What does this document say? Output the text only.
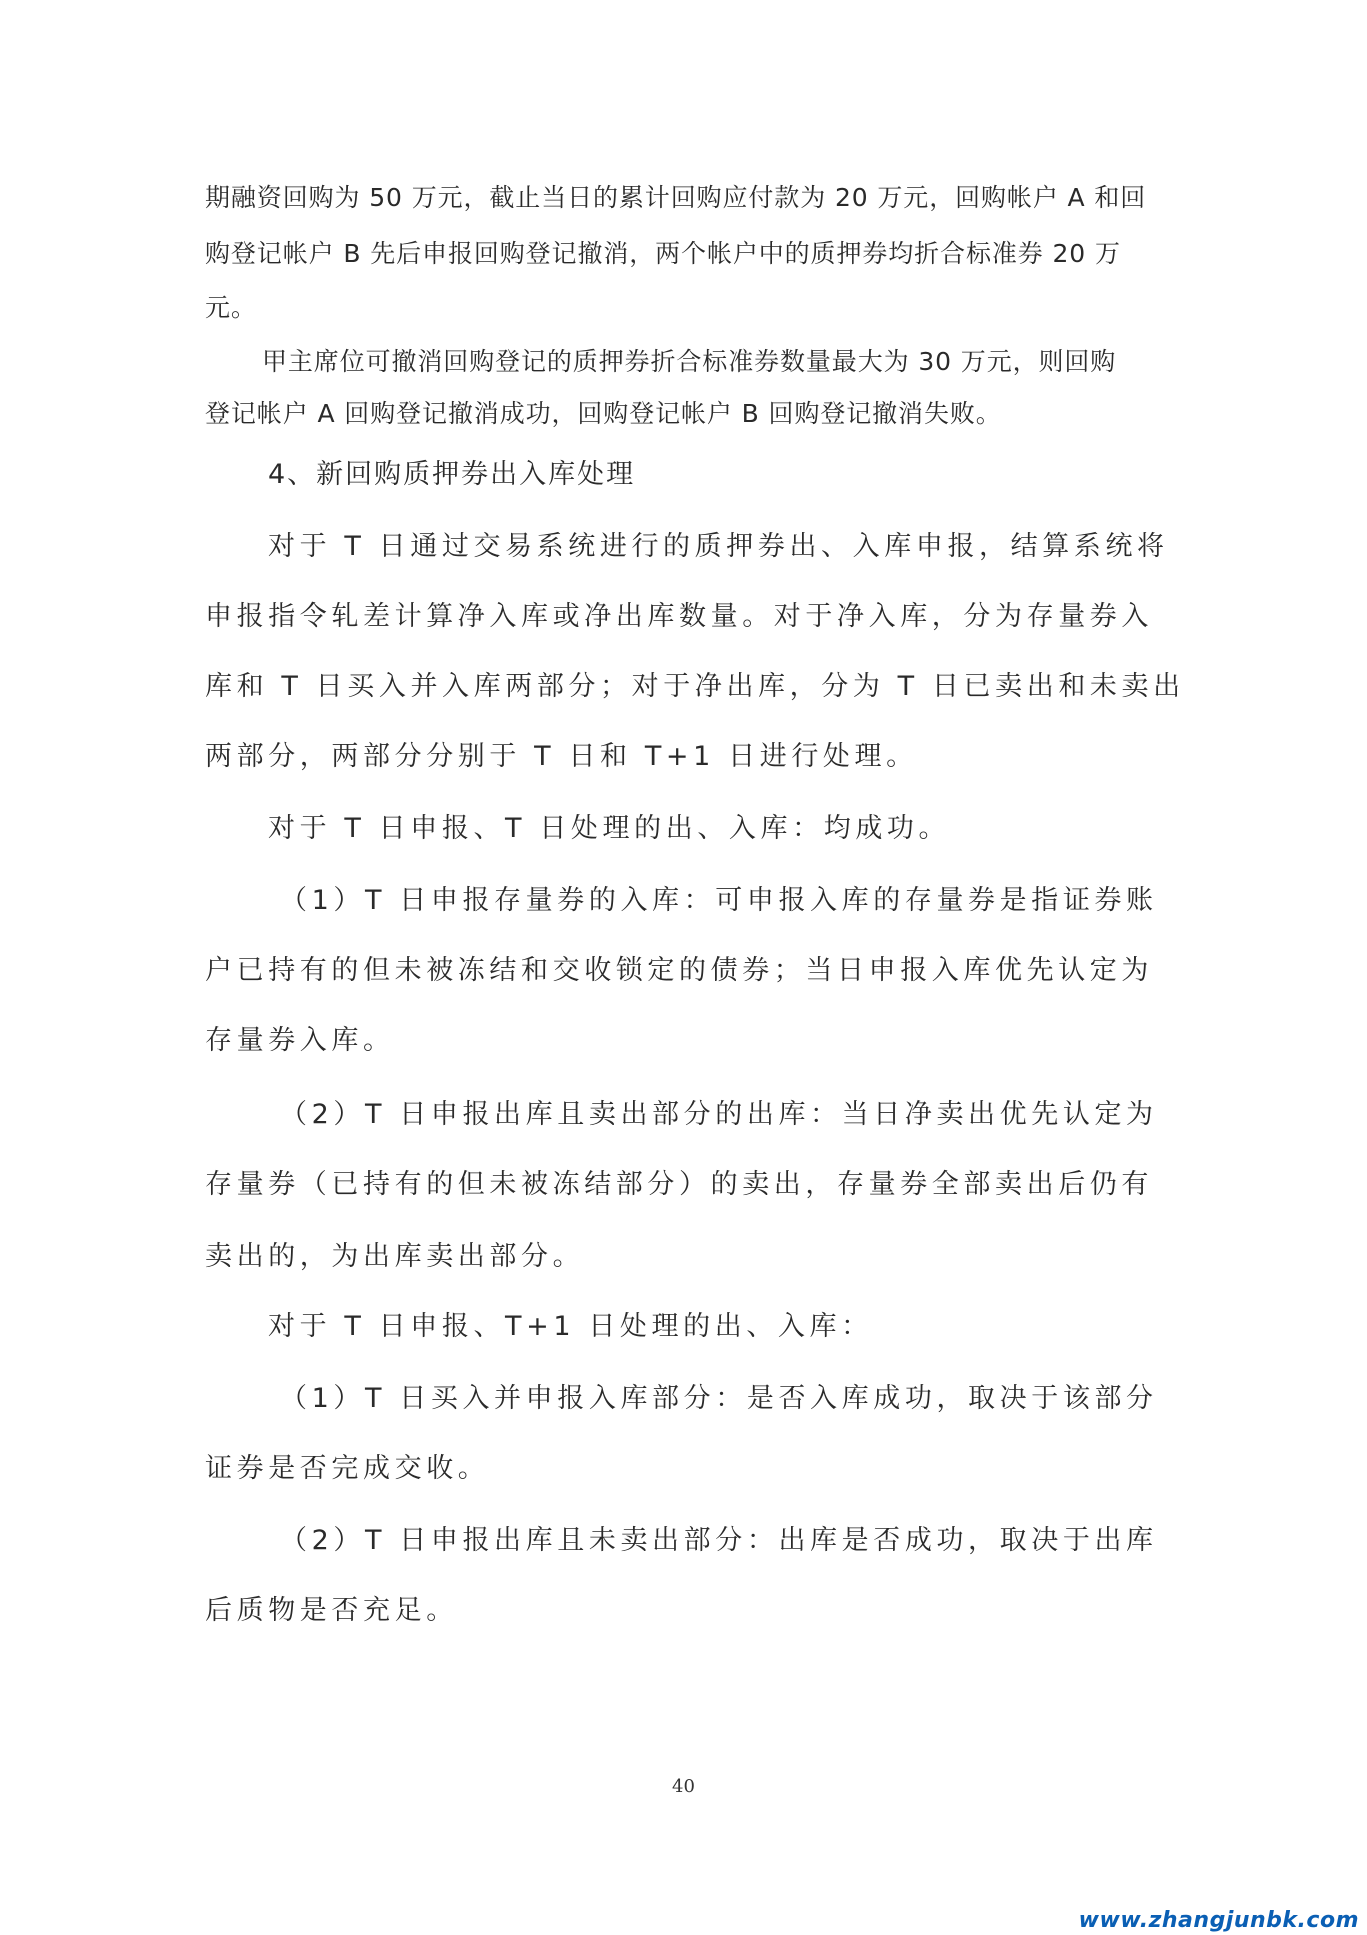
期融资回购为 50 万元，截止当日的累计回购应付款为 20 万元，回购帐户 A 和回
购登记帐户 B 先后申报回购登记撤消，两个帐户中的质押券均折合标准券 20 万
元。
甲主席位可撤消回购登记的质押券折合标准券数量最大为 30 万元，则回购
登记帐户 A 回购登记撤消成功，回购登记帐户 B 回购登记撤消失败。
4、新回购质押券出入库处理
对于 T 日通过交易系统进行的质押券出、入库申报，结算系统将
申报指令轧差计算净入库或净出库数量。对于净入库，分为存量券入
库和 T 日买入并入库两部分；对于净出库，分为 T 日已卖出和未卖出
两部分，两部分分别于 T 日和 T+1 日进行处理。
对于 T 日申报、T 日处理的出、入库：均成功。
（1）T 日申报存量券的入库：可申报入库的存量券是指证券账
户已持有的但未被冻结和交收锁定的债券；当日申报入库优先认定为
存量券入库。
（2）T 日申报出库且卖出部分的出库：当日净卖出优先认定为
存量券（已持有的但未被冻结部分）的卖出，存量券全部卖出后仍有
卖出的，为出库卖出部分。
对于 T 日申报、T+1 日处理的出、入库：
（1）T 日买入并申报入库部分：是否入库成功，取决于该部分
证券是否完成交收。
（2）T 日申报出库且未卖出部分：出库是否成功，取决于出库
后质物是否充足。
40
www.zhangjunbk.com
